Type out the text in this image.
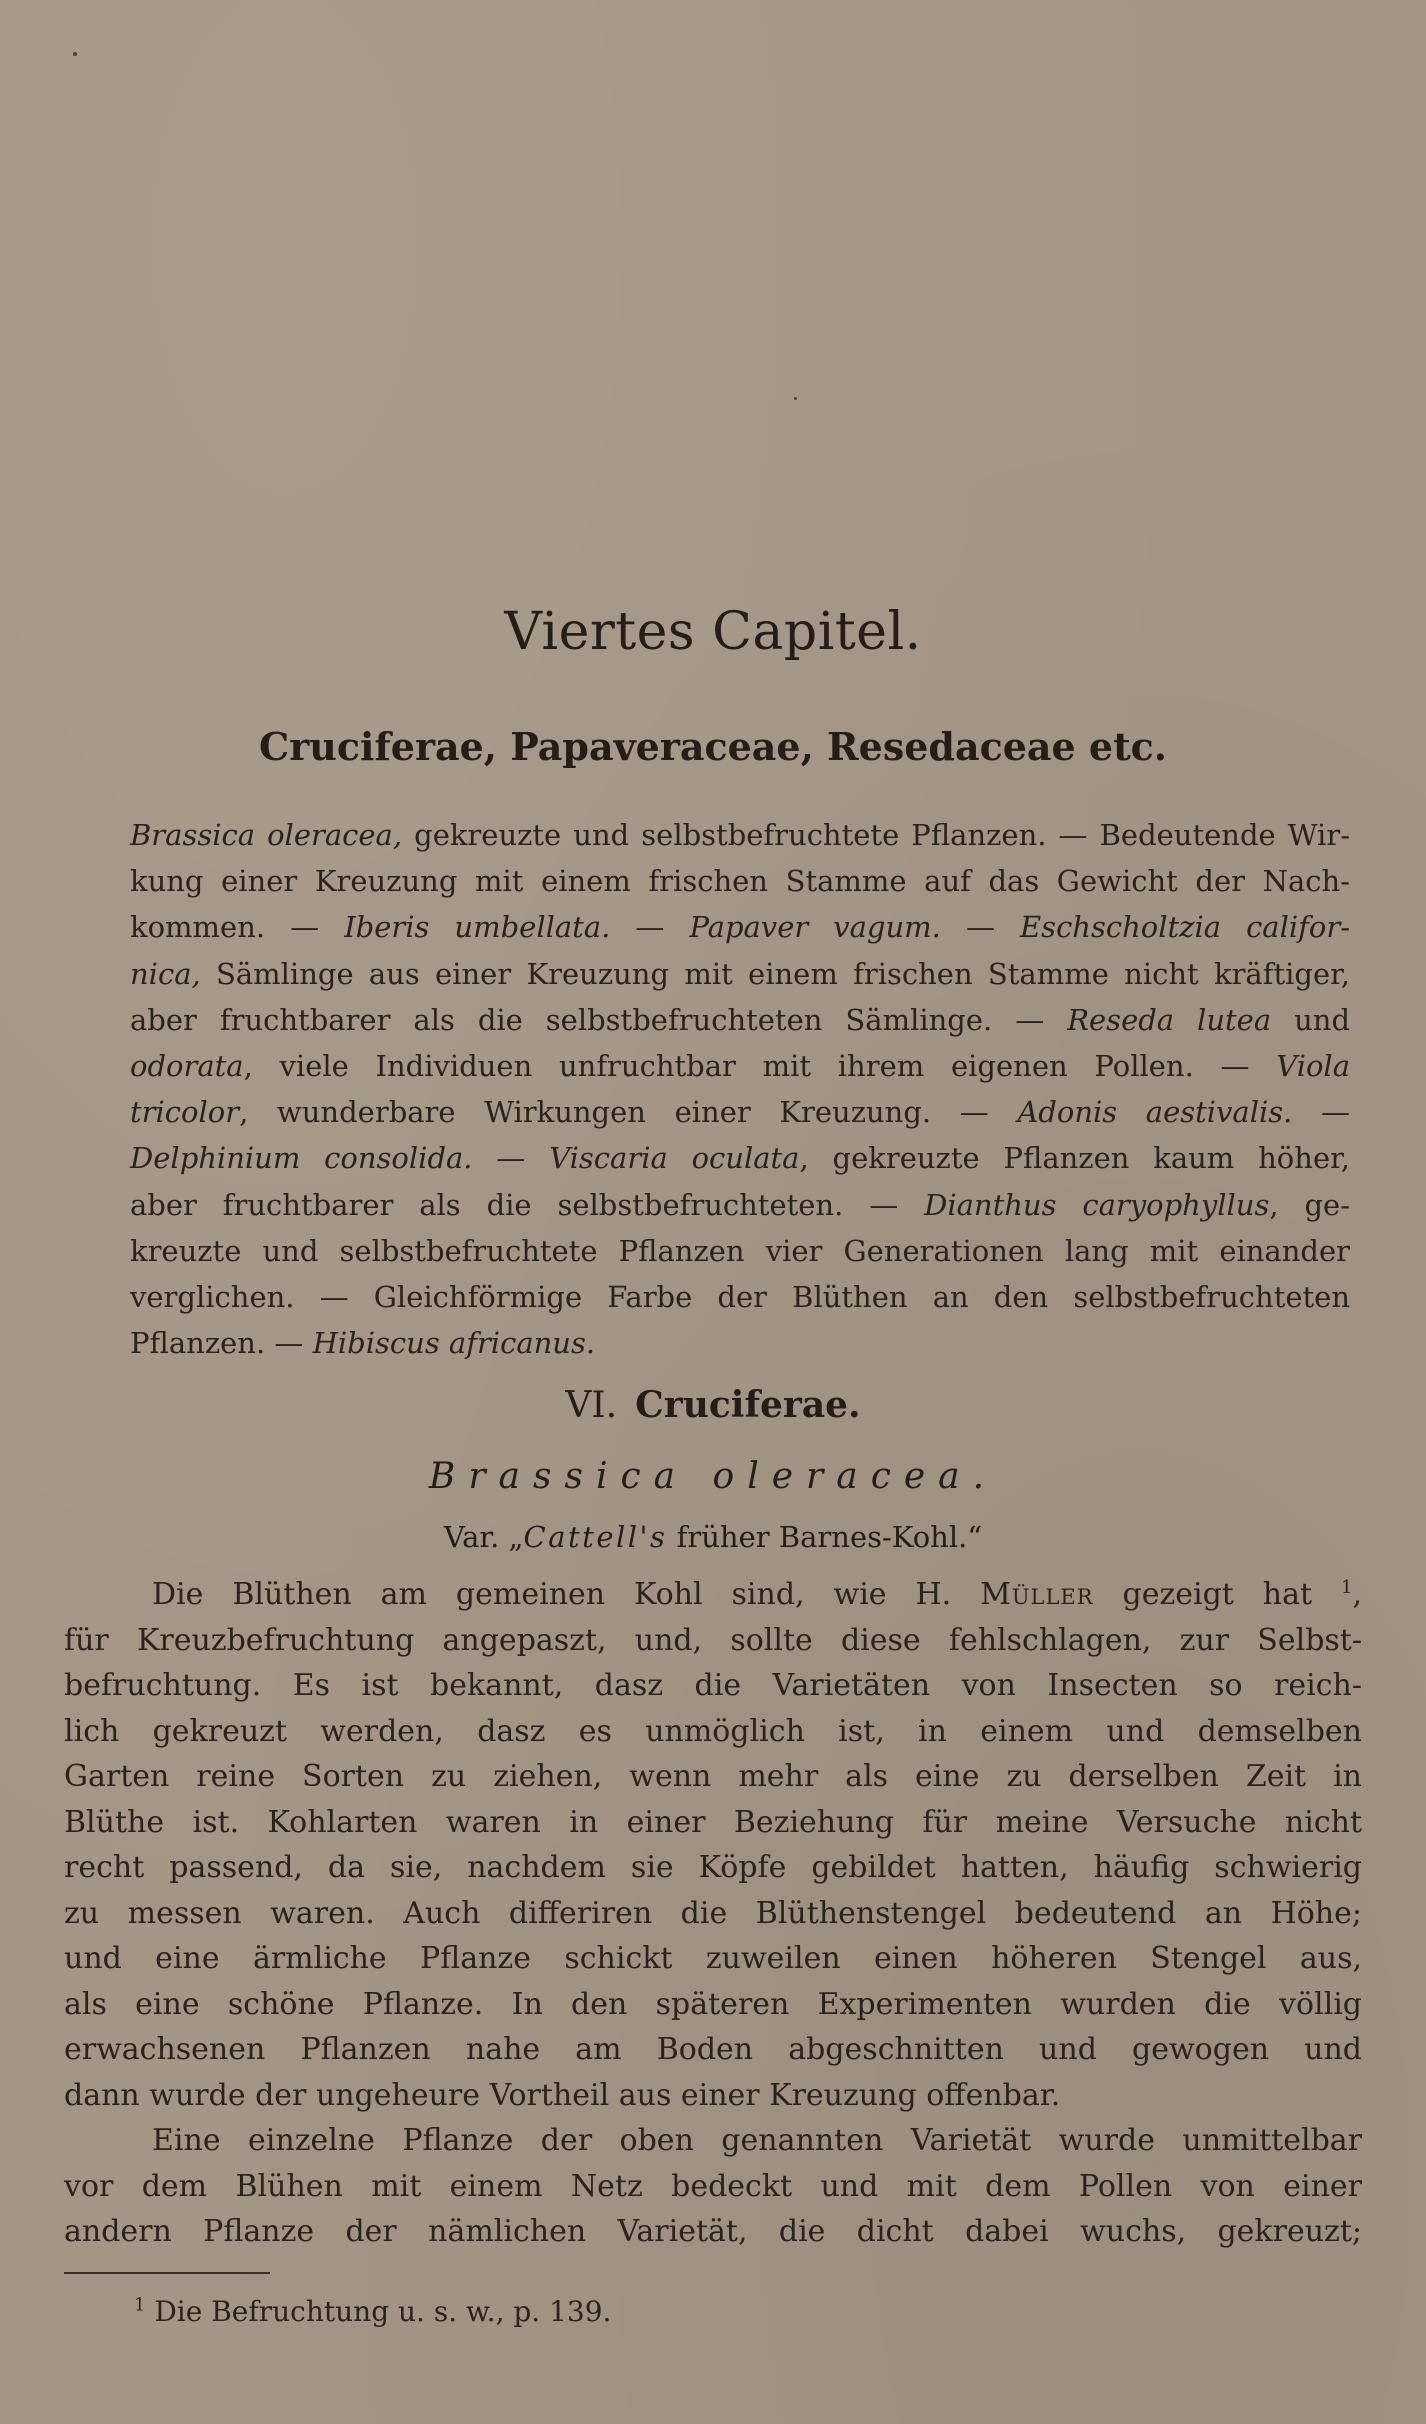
Viertes Capitel.
Cruciferae, Papaveraceae, Resedaceae etc.
Brassica oleracea, gekreuzte und selbstbefruchtete Pflanzen. — Bedeutende Wir-
kung einer Kreuzung mit einem frischen Stamme auf das Gewicht der Nach-
kommen. — Iberis umbellata. — Papaver vagum. — Eschscholtzia califor-
nica, Sämlinge aus einer Kreuzung mit einem frischen Stamme nicht kräftiger,
aber fruchtbarer als die selbstbefruchteten Sämlinge. — Reseda lutea und
odorata, viele Individuen unfruchtbar mit ihrem eigenen Pollen. — Viola
tricolor, wunderbare Wirkungen einer Kreuzung. — Adonis aestivalis. —
Delphinium consolida. — Viscaria oculata, gekreuzte Pflanzen kaum höher,
aber fruchtbarer als die selbstbefruchteten. — Dianthus caryophyllus, ge-
kreuzte und selbstbefruchtete Pflanzen vier Generationen lang mit einander
verglichen. — Gleichförmige Farbe der Blüthen an den selbstbefruchteten
Pflanzen. — Hibiscus africanus.
VI. Cruciferae.
Brassica oleracea.
Var. „Cattell's früher Barnes-Kohl.“
Die Blüthen am gemeinen Kohl sind, wie H. Müller gezeigt hat $^1$,
für Kreuzbefruchtung angepaszt, und, sollte diese fehlschlagen, zur Selbst-
befruchtung. Es ist bekannt, dasz die Varietäten von Insecten so reich-
lich gekreuzt werden, dasz es unmöglich ist, in einem und demselben
Garten reine Sorten zu ziehen, wenn mehr als eine zu derselben Zeit in
Blüthe ist. Kohlarten waren in einer Beziehung für meine Versuche nicht
recht passend, da sie, nachdem sie Köpfe gebildet hatten, häufig schwierig
zu messen waren. Auch differiren die Blüthenstengel bedeutend an Höhe;
und eine ärmliche Pflanze schickt zuweilen einen höheren Stengel aus,
als eine schöne Pflanze. In den späteren Experimenten wurden die völlig
erwachsenen Pflanzen nahe am Boden abgeschnitten und gewogen und
dann wurde der ungeheure Vortheil aus einer Kreuzung offenbar.
Eine einzelne Pflanze der oben genannten Varietät wurde unmittelbar
vor dem Blühen mit einem Netz bedeckt und mit dem Pollen von einer
andern Pflanze der nämlichen Varietät, die dicht dabei wuchs, gekreuzt;
$^1$ Die Befruchtung u. s. w., p. 139.
